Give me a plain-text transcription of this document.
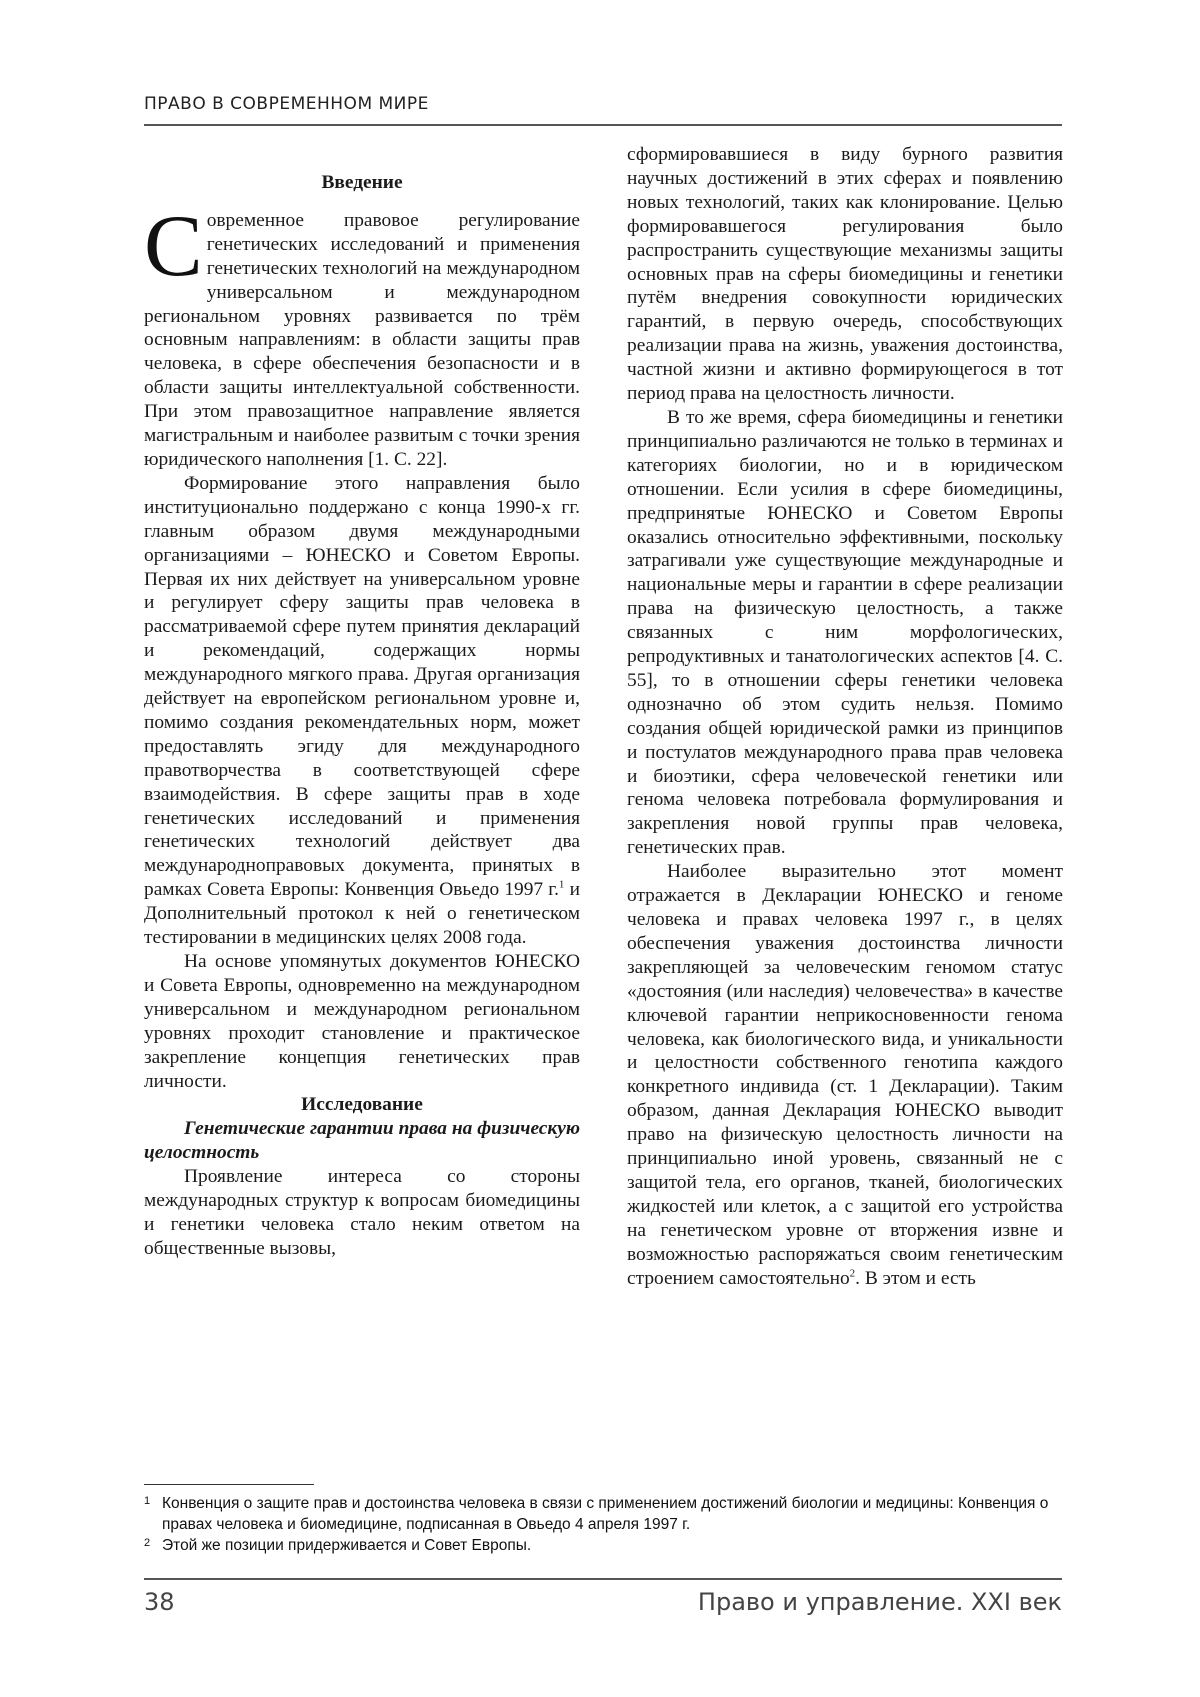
ПРАВО В СОВРЕМЕННОМ МИРЕ

Введение

Современное правовое регулирование генетических исследований и применения генетических технологий на международном универсальном и международном региональном уровнях развивается по трём основным направлениям: в области защиты прав человека, в сфере обеспечения безопасности и в области защиты интеллектуальной собственности. При этом правозащитное направление является магистральным и наиболее развитым с точки зрения юридического наполнения [1. С. 22].

Формирование этого направления было институционально поддержано с конца 1990-х гг. главным образом двумя международными организациями – ЮНЕСКО и Советом Европы. Первая их них действует на универсальном уровне и регулирует сферу защиты прав человека в рассматриваемой сфере путем принятия деклараций и рекомендаций, содержащих нормы международного мягкого права. Другая организация действует на европейском региональном уровне и, помимо создания рекомендательных норм, может предоставлять эгиду для международного правотворчества в соответствующей сфере взаимодействия. В сфере защиты прав в ходе генетических исследований и применения генетических технологий действует два международноправовых документа, принятых в рамках Совета Европы: Конвенция Овьедо 1997 г.$^1$ и Дополнительный протокол к ней о генетическом тестировании в медицинских целях 2008 года.

На основе упомянутых документов ЮНЕСКО и Совета Европы, одновременно на международном универсальном и международном региональном уровнях проходит становление и практическое закрепление концепция генетических прав личности.

Исследование

Генетические гарантии права на физическую целостность

Проявление интереса со стороны международных структур к вопросам биомедицины и генетики человека стало неким ответом на общественные вызовы,

сформировавшиеся в виду бурного развития научных достижений в этих сферах и появлению новых технологий, таких как клонирование. Целью формировавшегося регулирования было распространить существующие механизмы защиты основных прав на сферы биомедицины и генетики путём внедрения совокупности юридических гарантий, в первую очередь, способствующих реализации права на жизнь, уважения достоинства, частной жизни и активно формирующегося в тот период права на целостность личности.

В то же время, сфера биомедицины и генетики принципиально различаются не только в терминах и категориях биологии, но и в юридическом отношении. Если усилия в сфере биомедицины, предпринятые ЮНЕСКО и Советом Европы оказались относительно эффективными, поскольку затрагивали уже существующие международные и национальные меры и гарантии в сфере реализации права на физическую целостность, а также связанных с ним морфологических, репродуктивных и танатологических аспектов [4. С. 55], то в отношении сферы генетики человека однозначно об этом судить нельзя. Помимо создания общей юридической рамки из принципов и постулатов международного права прав человека и биоэтики, сфера человеческой генетики или генома человека потребовала формулирования и закрепления новой группы прав человека, генетических прав.

Наиболее выразительно этот момент отражается в Декларации ЮНЕСКО и геноме человека и правах человека 1997 г., в целях обеспечения уважения достоинства личности закрепляющей за человеческим геномом статус «достояния (или наследия) человечества» в качестве ключевой гарантии неприкосновенности генома человека, как биологического вида, и уникальности и целостности собственного генотипа каждого конкретного индивида (ст. 1 Декларации). Таким образом, данная Декларация ЮНЕСКО выводит право на физическую целостность личности на принципиально иной уровень, связанный не с защитой тела, его органов, тканей, биологических жидкостей или клеток, а с защитой его устройства на генетическом уровне от вторжения извне и возможностью распоряжаться своим генетическим строением самостоятельно$^2$. В этом и есть

1 Конвенция о защите прав и достоинства человека в связи с применением достижений биологии и медицины: Конвенция о правах человека и биомедицине, подписанная в Овьедо 4 апреля 1997 г.
2 Этой же позиции придерживается и Совет Европы.
38	Право и управление. XXI век
